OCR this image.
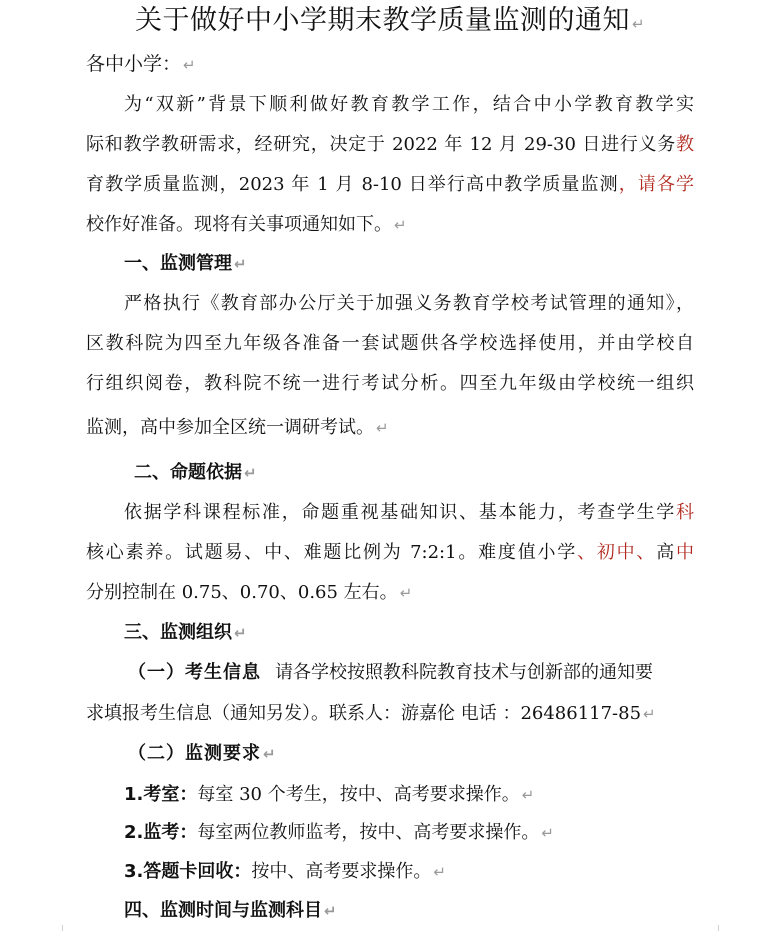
关于做好中小学期末教学质量监测的通知 ↵
各中小学： ↵
为“双新”背景下顺利做好教育教学工作，结合中小学教育教学实
际和教学教研需求，经研究，决定于 2022 年 12 月 29-30 日进行义务教
育教学质量监测，2023 年 1 月 8-10 日举行高中教学质量监测，请各学
校作好准备。现将有关事项通知如下。 ↵
一、监测管理 ↵
严格执行《教育部办公厅关于加强义务教育学校考试管理的通知》，
区教科院为四至九年级各准备一套试题供各学校选择使用，并由学校自
行组织阅卷，教科院不统一进行考试分析。四至九年级由学校统一组织
监测，高中参加全区统一调研考试。 ↵
二、命题依据 ↵
依据学科课程标准，命题重视基础知识、基本能力，考查学生学科
核心素养。试题易、中、难题比例为 7:2:1。难度值小学、初中、高中
分别控制在 0.75、0.70、0.65 左右。 ↵
三、监测组织 ↵
（一）考生信息 请各学校按照教科院教育技术与创新部的通知要
求填报考生信息（通知另发）。联系人：游嘉伦 电话 ：26486117-85 ↵
（二）监测要求 ↵
1.考室：每室 30 个考生，按中、高考要求操作。 ↵
2.监考：每室两位教师监考，按中、高考要求操作。 ↵
3.答题卡回收：按中、高考要求操作。 ↵
四、监测时间与监测科目 ↵
